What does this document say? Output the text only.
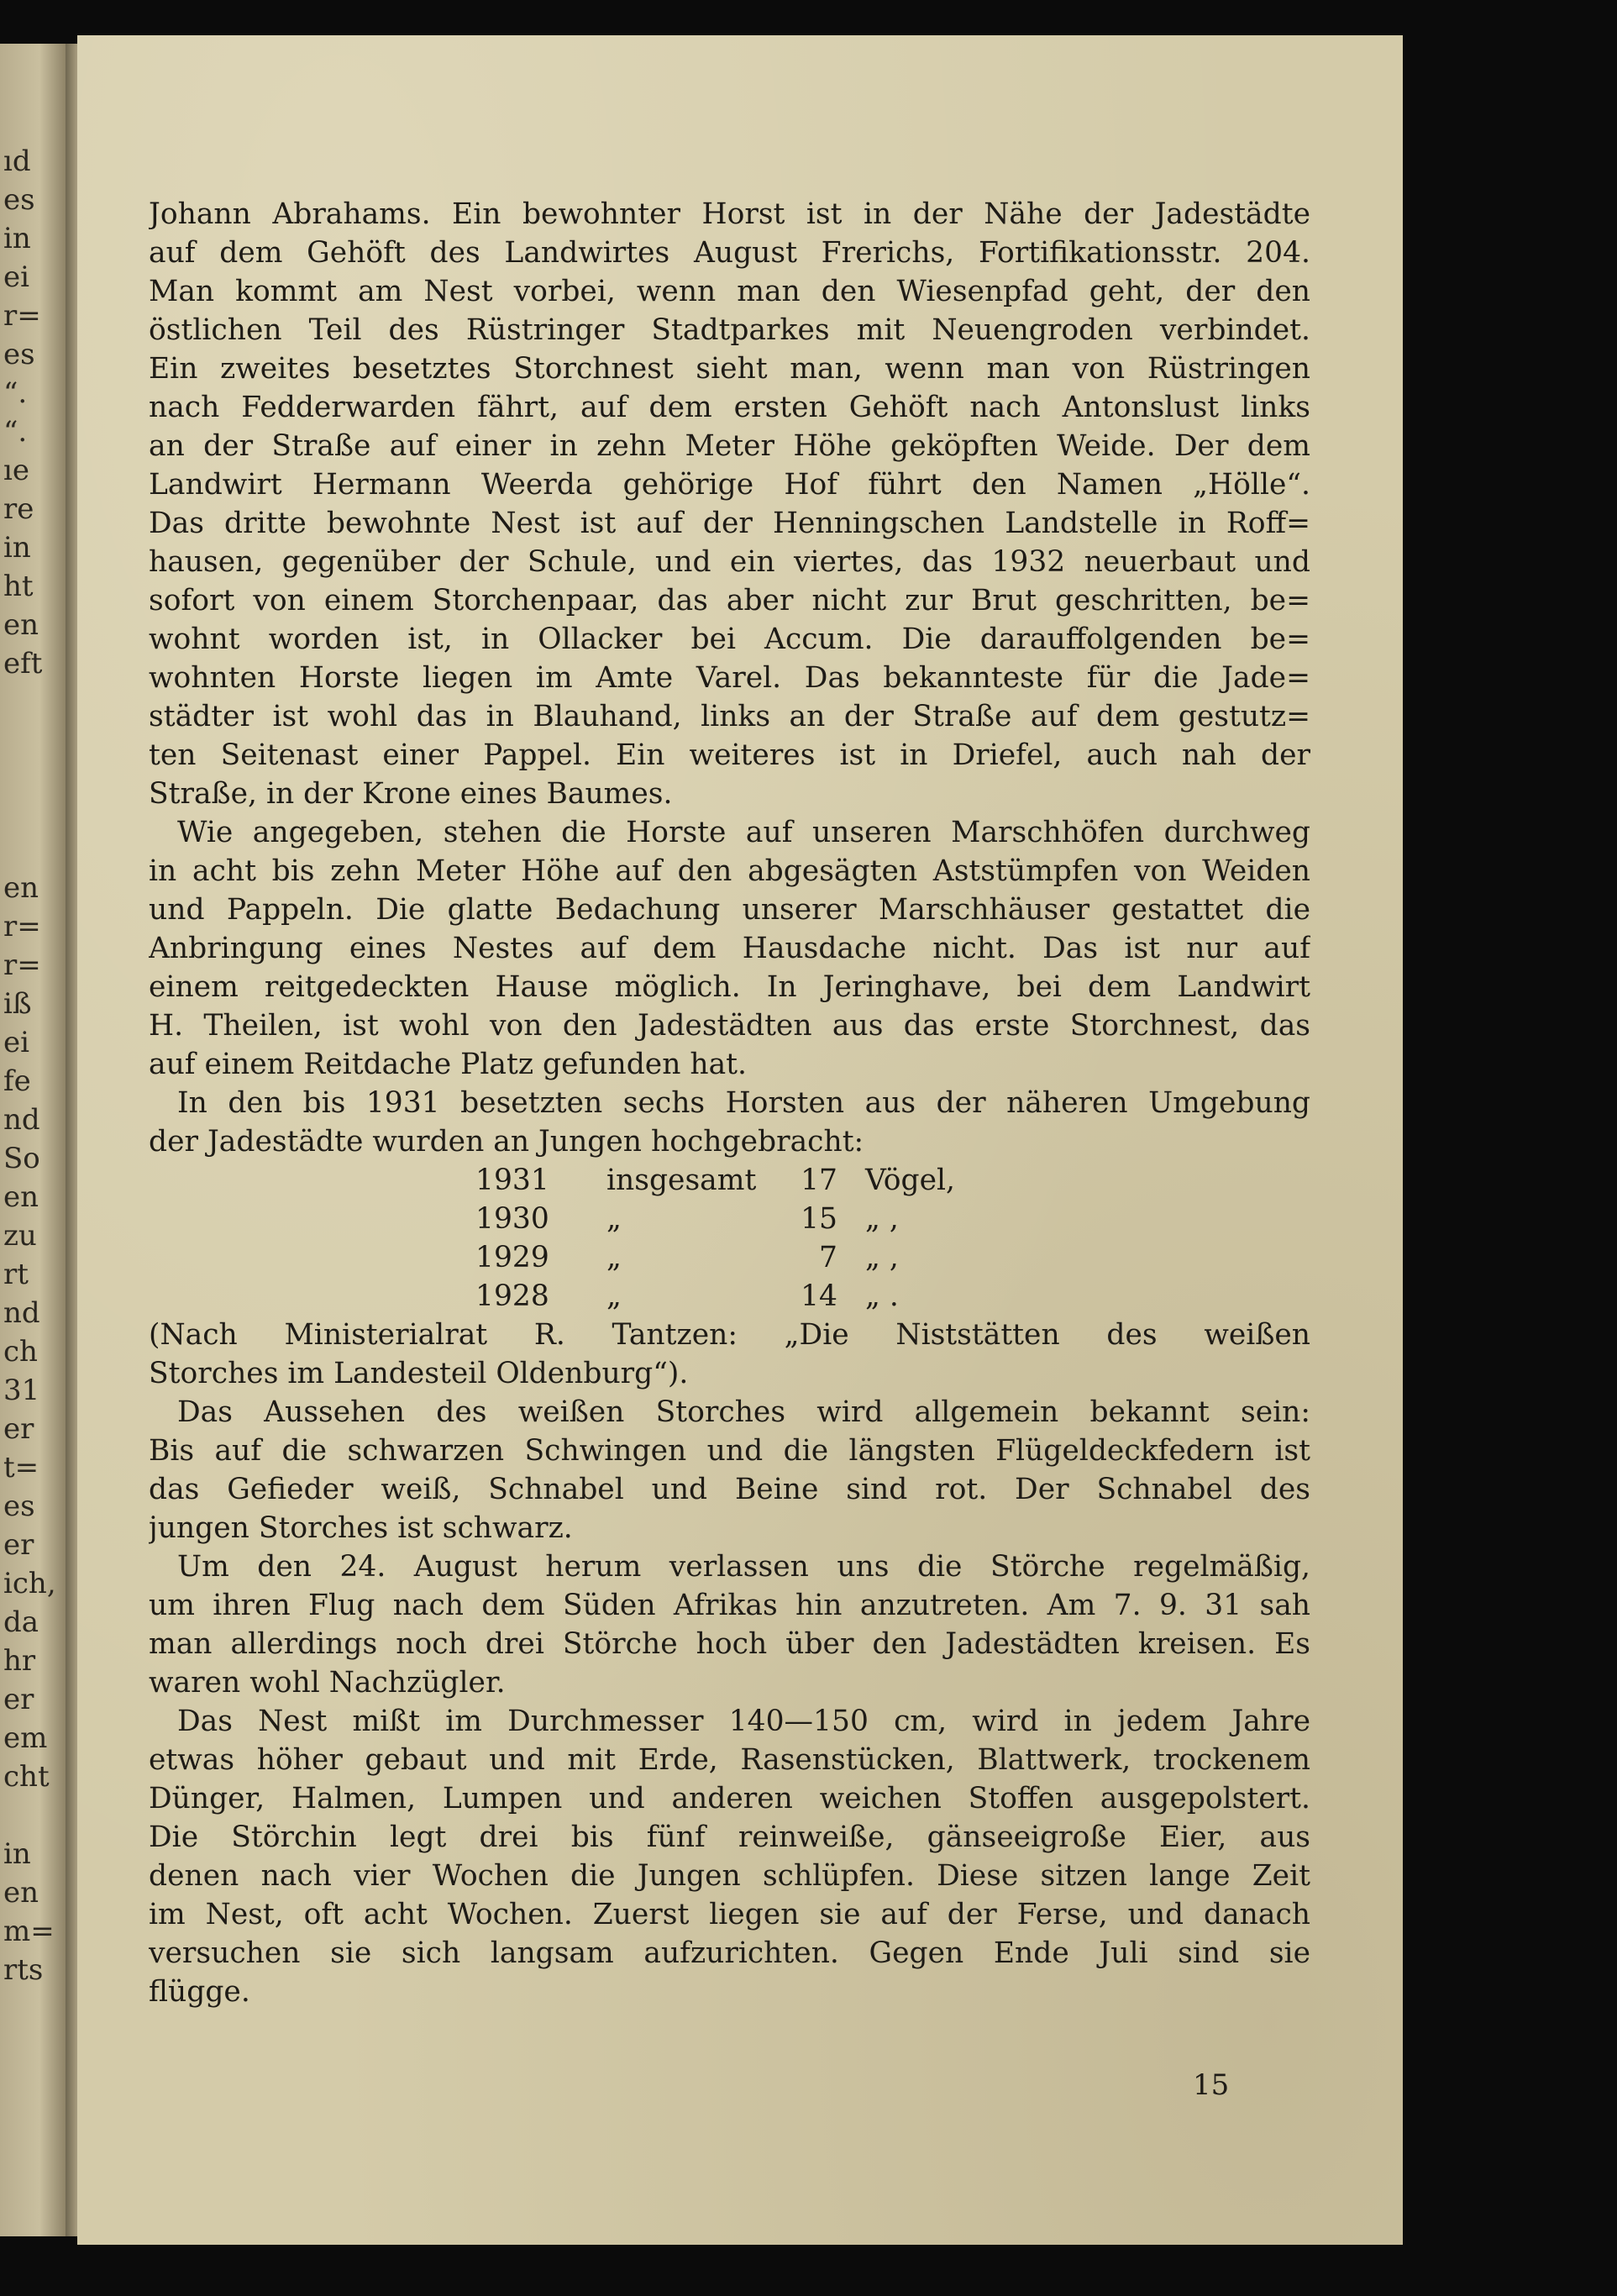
ıd
es
in
ei
r=
es
“.
“.
ıe
re
in
ht
en
eft
en
r=
r=
iß
ei
fe
nd
So
en
zu
rt
nd
ch
31
er
t=
es
er
ich,
da
hr
er
em
cht
in
en
m=
rts
Johann Abrahams. Ein bewohnter Horst ist in der Nähe der Jadestädte
auf dem Gehöft des Landwirtes August Frerichs, Fortifikationsstr. 204.
Man kommt am Nest vorbei, wenn man den Wiesenpfad geht, der den
östlichen Teil des Rüstringer Stadtparkes mit Neuengroden verbindet.
Ein zweites besetztes Storchnest sieht man, wenn man von Rüstringen
nach Fedderwarden fährt, auf dem ersten Gehöft nach Antonslust links
an der Straße auf einer in zehn Meter Höhe geköpften Weide. Der dem
Landwirt Hermann Weerda gehörige Hof führt den Namen „Hölle“.
Das dritte bewohnte Nest ist auf der Henningschen Landstelle in Roff=
hausen, gegenüber der Schule, und ein viertes, das 1932 neuerbaut und
sofort von einem Storchenpaar, das aber nicht zur Brut geschritten, be=
wohnt worden ist, in Ollacker bei Accum. Die darauffolgenden be=
wohnten Horste liegen im Amte Varel. Das bekannteste für die Jade=
städter ist wohl das in Blauhand, links an der Straße auf dem gestutz=
ten Seitenast einer Pappel. Ein weiteres ist in Driefel, auch nah der
Straße, in der Krone eines Baumes.
Wie angegeben, stehen die Horste auf unseren Marschhöfen durchweg
in acht bis zehn Meter Höhe auf den abgesägten Aststümpfen von Weiden
und Pappeln. Die glatte Bedachung unserer Marschhäuser gestattet die
Anbringung eines Nestes auf dem Hausdache nicht. Das ist nur auf
einem reitgedeckten Hause möglich. In Jeringhave, bei dem Landwirt
H. Theilen, ist wohl von den Jadestädten aus das erste Storchnest, das
auf einem Reitdache Platz gefunden hat.
In den bis 1931 besetzten sechs Horsten aus der näheren Umgebung
der Jadestädte wurden an Jungen hochgebracht:
1931 insgesamt	17 Vögel,
1930 „	15 „ ,
1929 „	7 „ ,
1928 „	14 „ .
(Nach Ministerialrat R. Tantzen: „Die Niststätten des weißen
Storches im Landesteil Oldenburg“).
Das Aussehen des weißen Storches wird allgemein bekannt sein:
Bis auf die schwarzen Schwingen und die längsten Flügeldeckfedern ist
das Gefieder weiß, Schnabel und Beine sind rot. Der Schnabel des
jungen Storches ist schwarz.
Um den 24. August herum verlassen uns die Störche regelmäßig,
um ihren Flug nach dem Süden Afrikas hin anzutreten. Am 7. 9. 31 sah
man allerdings noch drei Störche hoch über den Jadestädten kreisen. Es
waren wohl Nachzügler.
Das Nest mißt im Durchmesser 140—150 cm, wird in jedem Jahre
etwas höher gebaut und mit Erde, Rasenstücken, Blattwerk, trockenem
Dünger, Halmen, Lumpen und anderen weichen Stoffen ausgepolstert.
Die Störchin legt drei bis fünf reinweiße, gänseeigroße Eier, aus
denen nach vier Wochen die Jungen schlüpfen. Diese sitzen lange Zeit
im Nest, oft acht Wochen. Zuerst liegen sie auf der Ferse, und danach
versuchen sie sich langsam aufzurichten. Gegen Ende Juli sind sie
flügge.
15
